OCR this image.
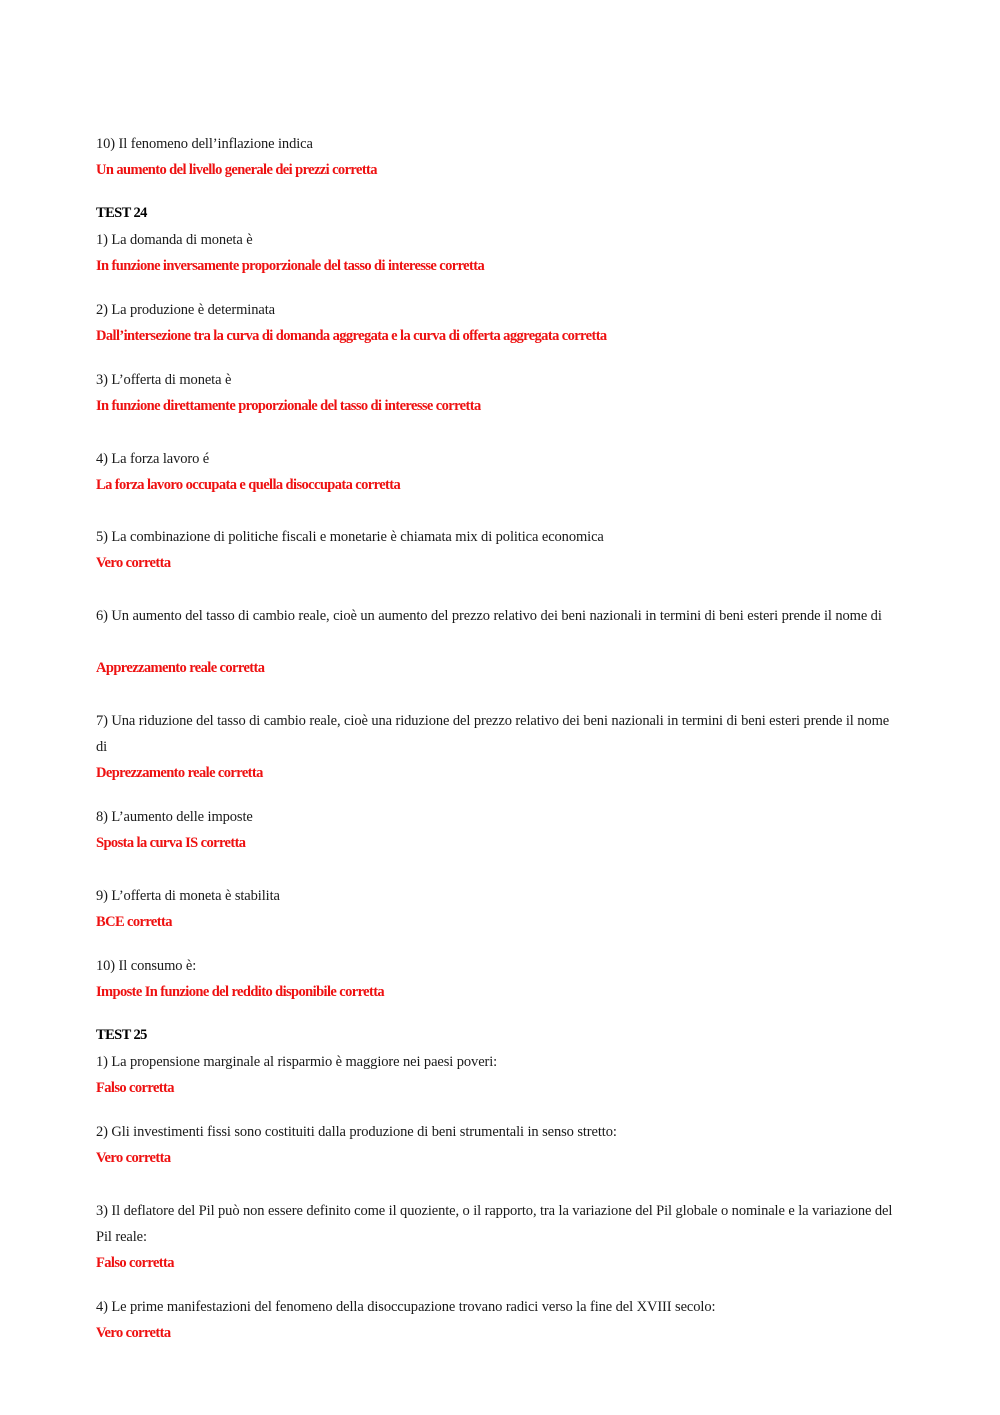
10) Il fenomeno dell’inflazione indica
Un aumento del livello generale dei prezzi corretta
TEST 24
1) La domanda di moneta è
In funzione inversamente proporzionale del tasso di interesse corretta
2) La produzione è determinata
Dall’intersezione tra la curva di domanda aggregata e la curva di offerta aggregata corretta
3) L’offerta di moneta è
In funzione direttamente proporzionale del tasso di interesse corretta
4) La forza lavoro é
La forza lavoro occupata e quella disoccupata corretta
5) La combinazione di politiche fiscali e monetarie è chiamata mix di politica economica
Vero corretta
6) Un aumento del tasso di cambio reale, cioè un aumento del prezzo relativo dei beni nazionali in termini di beni esteri prende il nome di
Apprezzamento reale corretta
7) Una riduzione del tasso di cambio reale, cioè una riduzione del prezzo relativo dei beni nazionali in termini di beni esteri prende il nome di
Deprezzamento reale corretta
8) L’aumento delle imposte
Sposta la curva IS corretta
9) L’offerta di moneta è stabilita
BCE corretta
10) Il consumo è:
Imposte In funzione del reddito disponibile corretta
TEST 25
1) La propensione marginale al risparmio è maggiore nei paesi poveri:
Falso corretta
2) Gli investimenti fissi sono costituiti dalla produzione di beni strumentali in senso stretto:
Vero corretta
3) Il deflatore del Pil può non essere definito come il quoziente, o il rapporto, tra la variazione del Pil globale o nominale e la variazione del Pil reale:
Falso corretta
4) Le prime manifestazioni del fenomeno della disoccupazione trovano radici verso la fine del XVIII secolo:
Vero corretta
